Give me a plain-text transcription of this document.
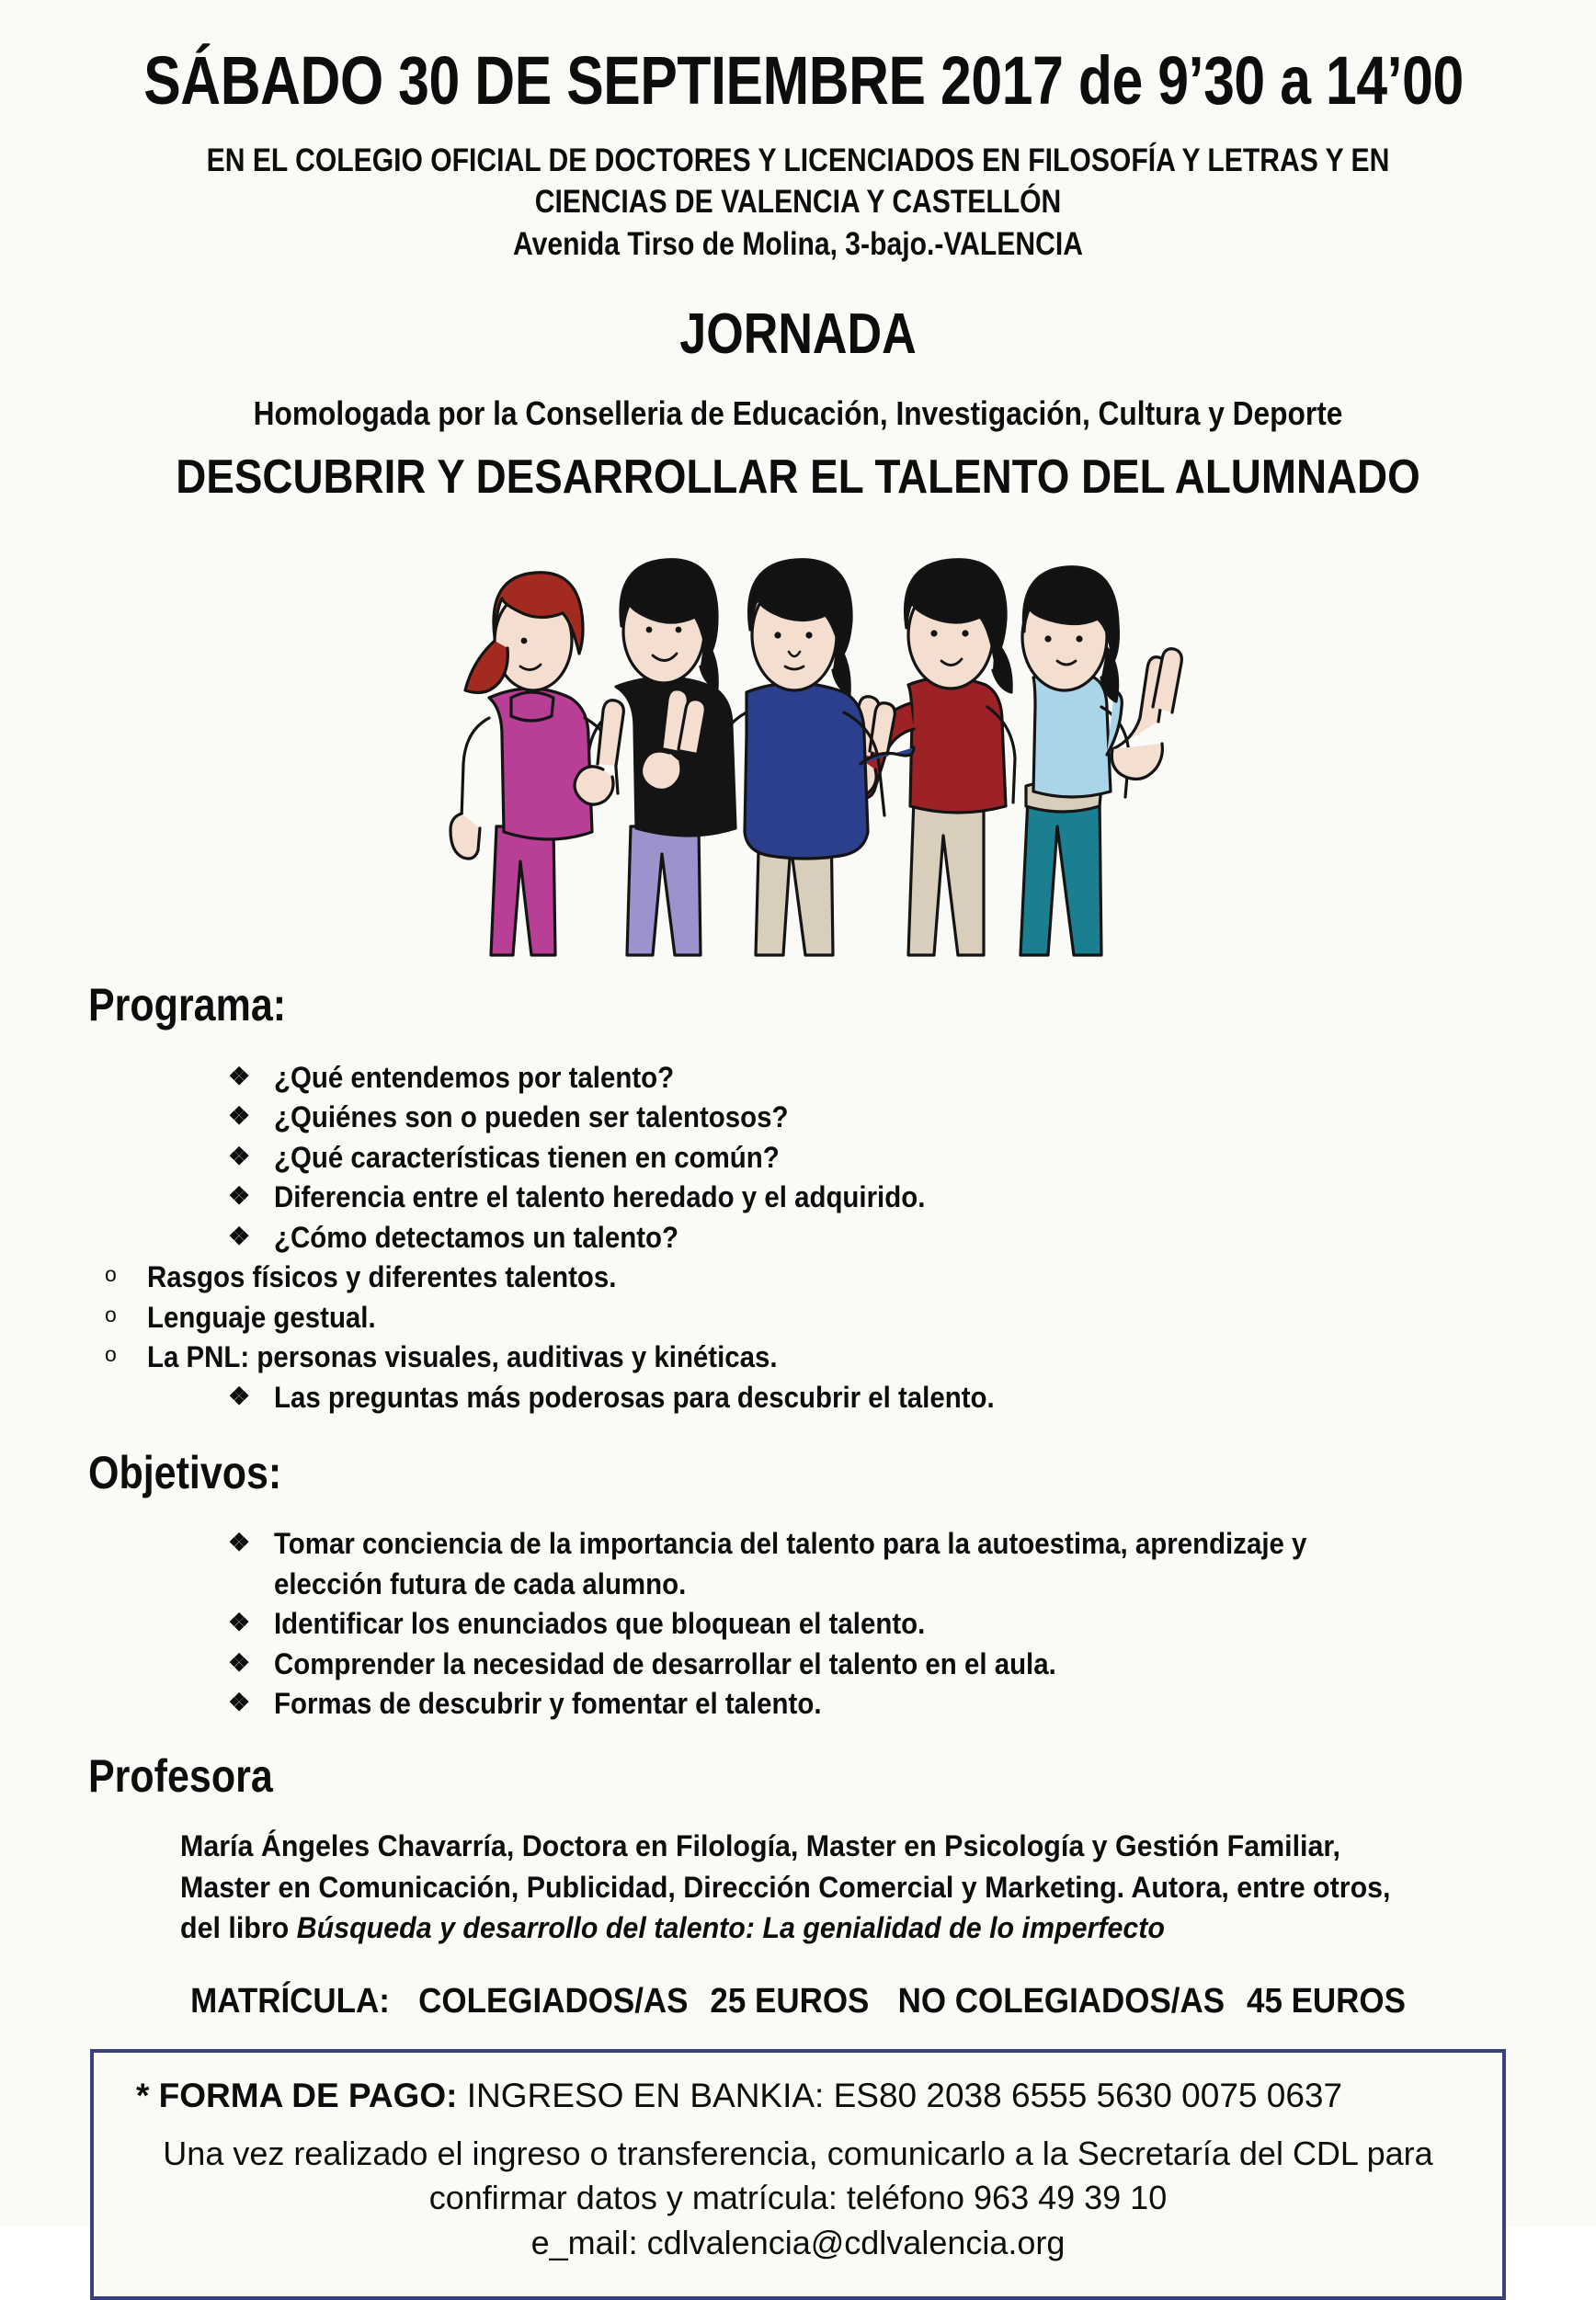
SÁBADO 30 DE SEPTIEMBRE 2017 de 9’30 a 14’00
EN EL COLEGIO OFICIAL DE DOCTORES Y LICENCIADOS EN FILOSOFÍA Y LETRAS Y EN
CIENCIAS DE VALENCIA Y CASTELLÓN
Avenida Tirso de Molina, 3-bajo.-VALENCIA
JORNADA
Homologada por la Conselleria de Educación, Investigación, Cultura y Deporte
DESCUBRIR Y DESARROLLAR EL TALENTO DEL ALUMNADO
Programa:
❖ ¿Qué entendemos por talento?
❖ ¿Quiénes son o pueden ser talentosos?
❖ ¿Qué características tienen en común?
❖ Diferencia entre el talento heredado y el adquirido.
❖ ¿Cómo detectamos un talento?
o Rasgos físicos y diferentes talentos.
o Lenguaje gestual.
o La PNL: personas visuales, auditivas y kinéticas.
❖ Las preguntas más poderosas para descubrir el talento.
Objetivos:
❖ Tomar conciencia de la importancia del talento para la autoestima, aprendizaje y elección futura de cada alumno.
❖ Identificar los enunciados que bloquean el talento.
❖ Comprender la necesidad de desarrollar el talento en el aula.
❖ Formas de descubrir y fomentar el talento.
Profesora

María Ángeles Chavarría, Doctora en Filología, Master en Psicología y Gestión Familiar, Master en Comunicación, Publicidad, Dirección Comercial y Marketing. Autora, entre otros, del libro Búsqueda y desarrollo del talento: La genialidad de lo imperfecto

MATRÍCULA: COLEGIADOS/AS 25 EUROS NO COLEGIADOS/AS 45 EUROS
* FORMA DE PAGO: INGRESO EN BANKIA: ES80 2038 6555 5630 0075 0637
Una vez realizado el ingreso o transferencia, comunicarlo a la Secretaría del CDL para
confirmar datos y matrícula: teléfono 963 49 39 10
e_mail: cdlvalencia@cdlvalencia.org
